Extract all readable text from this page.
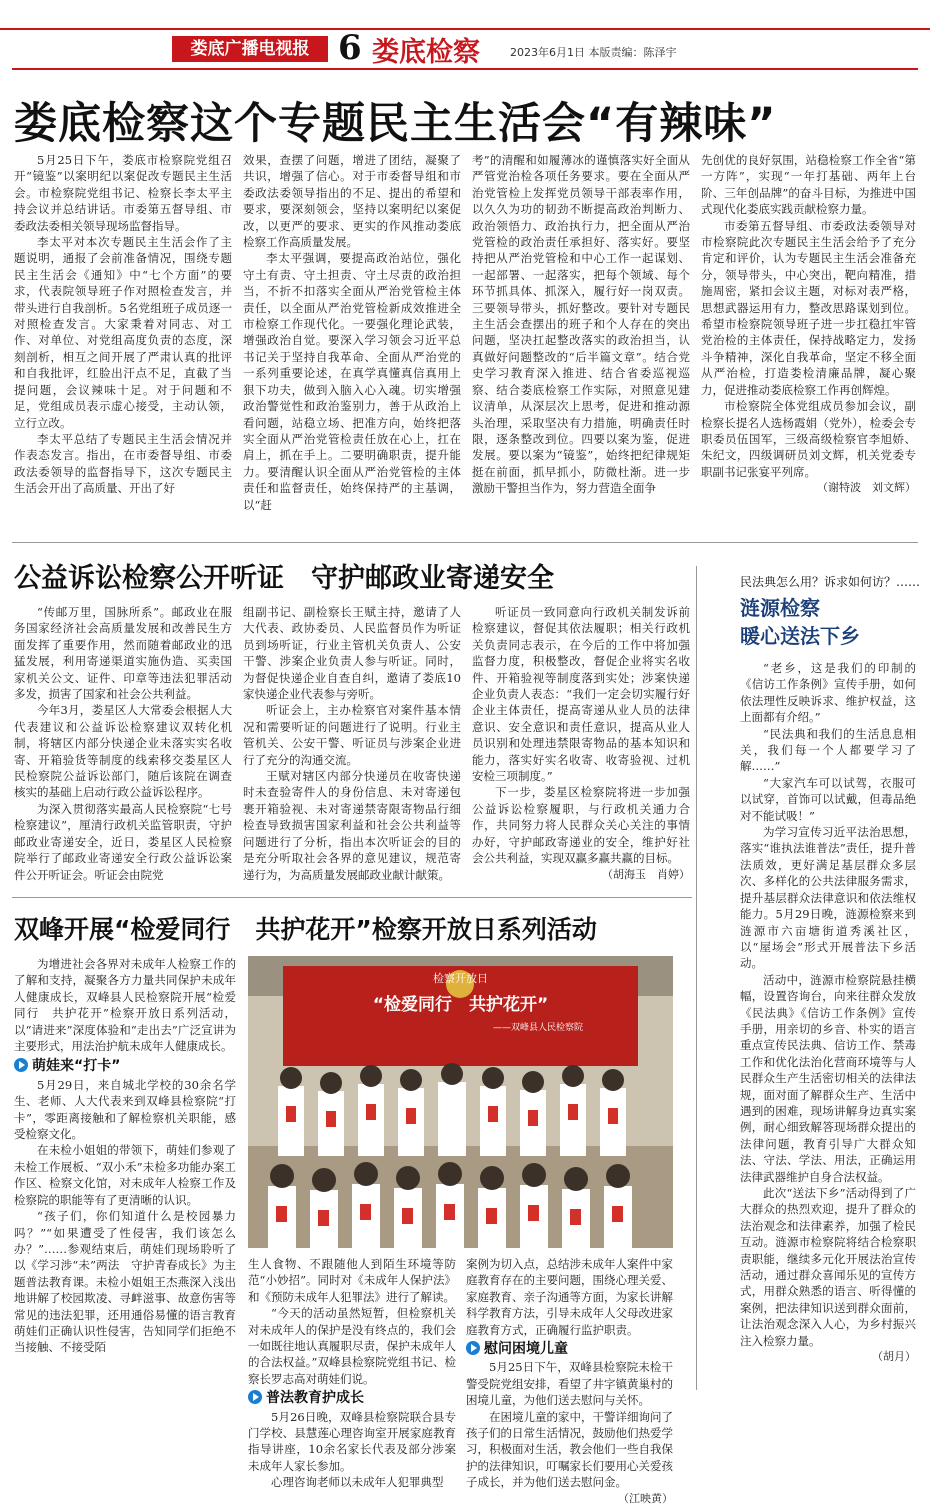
娄底广播电视报 6 娄底检察	2023年6月1日 本版责编：陈泽宇
娄底检察这个专题民主生活会“有辣味”

5月25日下午，娄底市检察院党组召开“镜鉴”以案明纪以案促改专题民主生活会。市检察院党组书记、检察长李太平主持会议并总结讲话。市委第五督导组、市委政法委相关领导现场监督指导。

李太平对本次专题民主生活会作了主题说明，通报了会前准备情况，围绕专题民主生活会《通知》中“七个方面”的要求，代表院领导班子作对照检查发言，并带头进行自我剖析。5名党组班子成员逐一对照检查发言。大家秉着对同志、对工作、对单位、对党组高度负责的态度，深刻剖析，相互之间开展了严肃认真的批评和自我批评，红脸出汗点不足，直截了当提问题，会议辣味十足。对于问题和不足，党组成员表示虚心接受，主动认领，立行立改。

李太平总结了专题民主生活会情况并作表态发言。指出，在市委督导组、市委政法委领导的监督指导下，这次专题民主生活会开出了高质量、开出了好

效果，查摆了问题，增进了团结，凝聚了共识，增强了信心。对于市委督导组和市委政法委领导指出的不足、提出的希望和要求，要深刻领会，坚持以案明纪以案促改，以更严的要求、更实的作风推动娄底检察工作高质量发展。

李太平强调，要提高政治站位，强化守土有责、守土担责、守土尽责的政治担当，不折不扣落实全面从严治党管检主体责任，以全面从严治党管检新成效推进全市检察工作现代化。一要强化理论武装，增强政治自觉。要深入学习领会习近平总书记关于坚持自我革命、全面从严治党的一系列重要论述，在真学真懂真信真用上狠下功夫，做到入脑入心入魂。切实增强政治警觉性和政治鉴别力，善于从政治上看问题，站稳立场、把准方向，始终把落实全面从严治党管检责任放在心上，扛在肩上，抓在手上。二要明确职责，提升能力。要清醒认识全面从严治党管检的主体责任和监督责任，始终保持严的主基调，以“赶

考”的清醒和如履薄冰的谨慎落实好全面从严管党治检各项任务要求。要在全面从严治党管检上发挥党员领导干部表率作用，以久久为功的韧劲不断提高政治判断力、政治领悟力、政治执行力，把全面从严治党管检的政治责任承担好、落实好。要坚持把从严治党管检和中心工作一起谋划、一起部署、一起落实，把每个领域、每个环节抓具体、抓深入，履行好一岗双责。三要领导带头，抓好整改。要针对专题民主生活会查摆出的班子和个人存在的突出问题，坚决扛起整改落实的政治担当，认真做好问题整改的“后半篇文章”。结合党史学习教育深入推进、结合省委巡视巡察、结合娄底检察工作实际，对照意见建议清单，从深层次上思考，促进和推动源头治理，采取坚决有力措施，明确责任时限，逐条整改到位。四要以案为鉴，促进发展。要以案为“镜鉴”，始终把纪律规矩挺在前面，抓早抓小，防微杜渐。进一步激励干警担当作为，努力营造全面争

先创优的良好氛围，站稳检察工作全省“第一方阵”，实现“一年打基础、两年上台阶、三年创品牌”的奋斗目标，为推进中国式现代化娄底实践贡献检察力量。

市委第五督导组、市委政法委领导对市检察院此次专题民主生活会给予了充分肯定和评价，认为专题民主生活会准备充分，领导带头，中心突出，靶向精准，措施周密，紧扣会议主题，对标对表严格，思想武器运用有力，整改思路谋划到位。希望市检察院领导班子进一步扛稳扛牢管党治检的主体责任，保持战略定力，发扬斗争精神，深化自我革命，坚定不移全面从严治检，打造娄检清廉品牌，凝心聚力，促进推动娄底检察工作再创辉煌。

市检察院全体党组成员参加会议，副检察长提名人选杨霞娟（党外），检委会专职委员伍国军，三级高级检察官李旭娇、朱纪文，四级调研员刘文辉，机关党委专职副书记张宴平列席。

（谢特波　刘文辉）
公益诉讼检察公开听证　守护邮政业寄递安全

“传邮万里，国脉所系”。邮政业在服务国家经济社会高质量发展和改善民生方面发挥了重要作用，然而随着邮政业的迅猛发展，利用寄递渠道实施伪造、买卖国家机关公文、证件、印章等违法犯罪活动多发，损害了国家和社会公共利益。

今年3月，娄星区人大常委会根据人大代表建议和公益诉讼检察建议双转化机制，将辖区内部分快递企业未落实实名收寄、开箱验货等制度的线索移交娄星区人民检察院公益诉讼部门，随后该院在调查核实的基础上启动行政公益诉讼程序。

为深入贯彻落实最高人民检察院“七号检察建议”，厘清行政机关监管职责，守护邮政业寄递安全，近日，娄星区人民检察院举行了邮政业寄递安全行政公益诉讼案件公开听证会。听证会由院党

组副书记、副检察长王赋主持，邀请了人大代表、政协委员、人民监督员作为听证员到场听证，行业主管机关负责人、公安干警、涉案企业负责人参与听证。同时，为督促快递企业自查自纠，邀请了娄底10家快递企业代表参与旁听。

听证会上，主办检察官对案件基本情况和需要听证的问题进行了说明。行业主管机关、公安干警、听证员与涉案企业进行了充分的沟通交流。

王赋对辖区内部分快递员在收寄快递时未查验寄件人的身份信息、未对寄递包裹开箱验视、未对寄递禁寄限寄物品行细检查导致损害国家利益和社会公共利益等问题进行了分析，指出本次听证会的目的是充分听取社会各界的意见建议，规范寄递行为，为高质量发展邮政业献计献策。

听证员一致同意向行政机关制发诉前检察建议，督促其依法履职；相关行政机关负责同志表示，在今后的工作中将加强监督力度，积极整改，督促企业将实名收件、开箱验视等制度落到实处；涉案快递企业负责人表态：“我们一定会切实履行好企业主体责任，提高寄递从业人员的法律意识、安全意识和责任意识，提高从业人员识别和处理违禁限寄物品的基本知识和能力，落实好实名收寄、收寄验视、过机安检三项制度。”

下一步，娄星区检察院将进一步加强公益诉讼检察履职，与行政机关通力合作，共同努力将人民群众关心关注的事情办好，守护邮政寄递业的安全，维护好社会公共利益，实现双赢多赢共赢的目标。

（胡海玉　肖婷）
民法典怎么用？诉求如何访？……
涟源检察
暖心送法下乡

“老乡，这是我们的印制的《信访工作条例》宣传手册，如何依法理性反映诉求、维护权益，这上面都有介绍。”

“民法典和我们的生活息息相关，我们每一个人都要学习了解……”

“大家汽车可以试驾，衣服可以试穿，首饰可以试戴，但毒品绝对不能试吸！”

为学习宣传习近平法治思想，落实“谁执法谁普法”责任，提升普法质效，更好满足基层群众多层次、多样化的公共法律服务需求，提升基层群众法律意识和依法维权能力。5月29日晚，涟源检察来到涟源市六亩塘街道秀溪社区，以“屋场会”形式开展普法下乡活动。

活动中，涟源市检察院悬挂横幅，设置咨询台，向来往群众发放《民法典》《信访工作条例》宣传手册，用亲切的乡音、朴实的语言重点宣传民法典、信访工作、禁毒工作和优化法治化营商环境等与人民群众生产生活密切相关的法律法规，面对面了解群众生产、生活中遇到的困难，现场讲解身边真实案例，耐心细致解答现场群众提出的法律问题，教育引导广大群众知法、守法、学法、用法，正确运用法律武器维护自身合法权益。

此次“送法下乡”活动得到了广大群众的热烈欢迎，提升了群众的法治观念和法律素养，加强了检民互动。涟源市检察院将结合检察职责职能，继续多元化开展法治宣传活动，通过群众喜闻乐见的宣传方式，用群众熟悉的语言、听得懂的案例，把法律知识送到群众面前，让法治观念深入人心，为乡村振兴注入检察力量。

（胡月）
双峰开展“检爱同行　共护花开”检察开放日系列活动

为增进社会各界对未成年人检察工作的了解和支持，凝聚各方力量共同保护未成年人健康成长，双峰县人民检察院开展“检爱同行　共护花开”检察开放日系列活动，以“请进来”深度体验和“走出去”广泛宣讲为主要形式，用法治护航未成年人健康成长。

萌娃来“打卡”

5月29日，来自城北学校的30余名学生、老师、人大代表来到双峰县检察院“打卡”，零距离接触和了解检察机关职能，感受检察文化。

在未检小姐姐的带领下，萌娃们参观了未检工作展板、“双小禾”未检多功能办案工作区、检察文化馆，对未成年人检察工作及检察院的职能等有了更清晰的认识。

“孩子们，你们知道什么是校园暴力吗？”“如果遭受了性侵害，我们该怎么办？”……参观结束后，萌娃们现场聆听了以《学习涉“未”两法　守护青春成长》为主题普法教育课。未检小姐姐王杰燕深入浅出地讲解了校园欺凌、寻衅滋事、故意伤害等常见的违法犯罪，还用通俗易懂的语言教育萌娃们正确认识性侵害，告知同学们拒绝不当接触、不接受陌

检察开放日
“检爱同行　共护花开”
——双峰县人民检察院

生人食物、不跟随他人到陌生环境等防范“小妙招”。同时对《未成年人保护法》和《预防未成年人犯罪法》进行了解读。

“今天的活动虽然短暂，但检察机关对未成年人的保护是没有终点的，我们会一如既往地认真履职尽责，保护未成年人的合法权益。”双峰县检察院党组书记、检察长罗志高对萌娃们说。

普法教育护成长

5月26日晚，双峰县检察院联合县专门学校、县慧莲心理咨询室开展家庭教育指导讲座，10余名家长代表及部分涉案未成年人家长参加。

心理咨询老师以未成年人犯罪典型

案例为切入点，总结涉未成年人案件中家庭教育存在的主要问题，围绕心理关爱、家庭教育、亲子沟通等方面，为家长讲解科学教育方法，引导未成年人父母改进家庭教育方式，正确履行监护职责。

慰问困境儿童

5月25日下午，双峰县检察院未检干警受院党组安排，看望了井字镇黄巢村的困境儿童，为他们送去慰问与关怀。

在困境儿童的家中，干警详细询问了孩子们的日常生活情况，鼓励他们热爱学习，积极面对生活，教会他们一些自我保护的法律知识，叮嘱家长们要用心关爱孩子成长，并为他们送去慰问金。

（江映黄）
